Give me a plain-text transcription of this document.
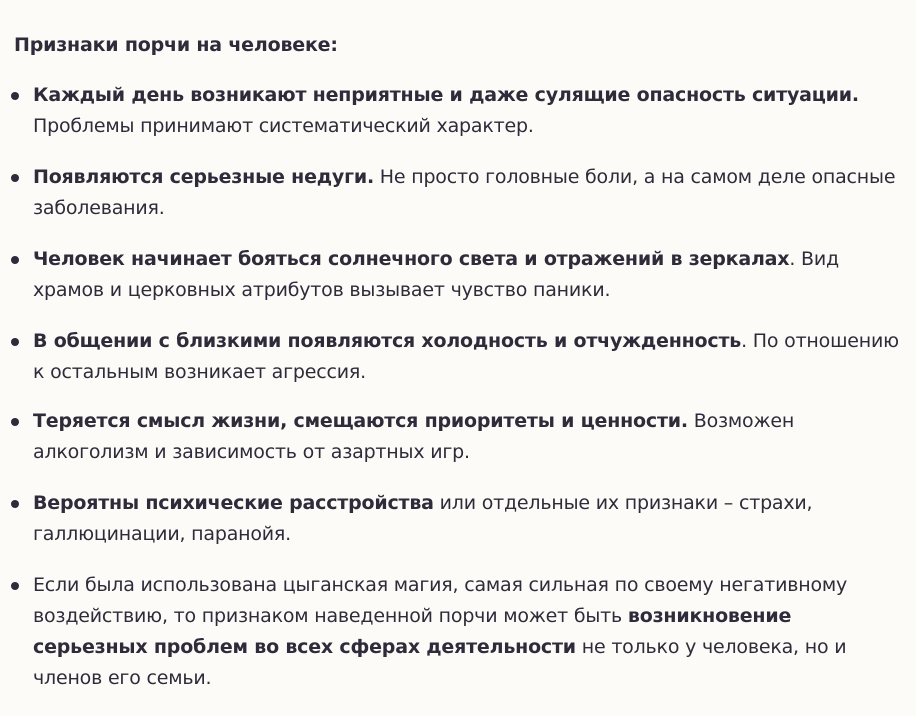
Признаки порчи на человеке:

Каждый день возникают неприятные и даже сулящие опасность ситуации. Проблемы принимают систематический характер.
Появляются серьезные недуги. Не просто головные боли, а на самом деле опасные заболевания.
Человек начинает бояться солнечного света и отражений в зеркалах. Вид храмов и церковных атрибутов вызывает чувство паники.
В общении с близкими появляются холодность и отчужденность. По отношению к остальным возникает агрессия.
Теряется смысл жизни, смещаются приоритеты и ценности. Возможен алкоголизм и зависимость от азартных игр.
Вероятны психические расстройства или отдельные их признаки – страхи, галлюцинации, паранойя.
Если была использована цыганская магия, самая сильная по своему негативному воздействию, то признаком наведенной порчи может быть возникновение серьезных проблем во всех сферах деятельности не только у человека, но и членов его семьи.
